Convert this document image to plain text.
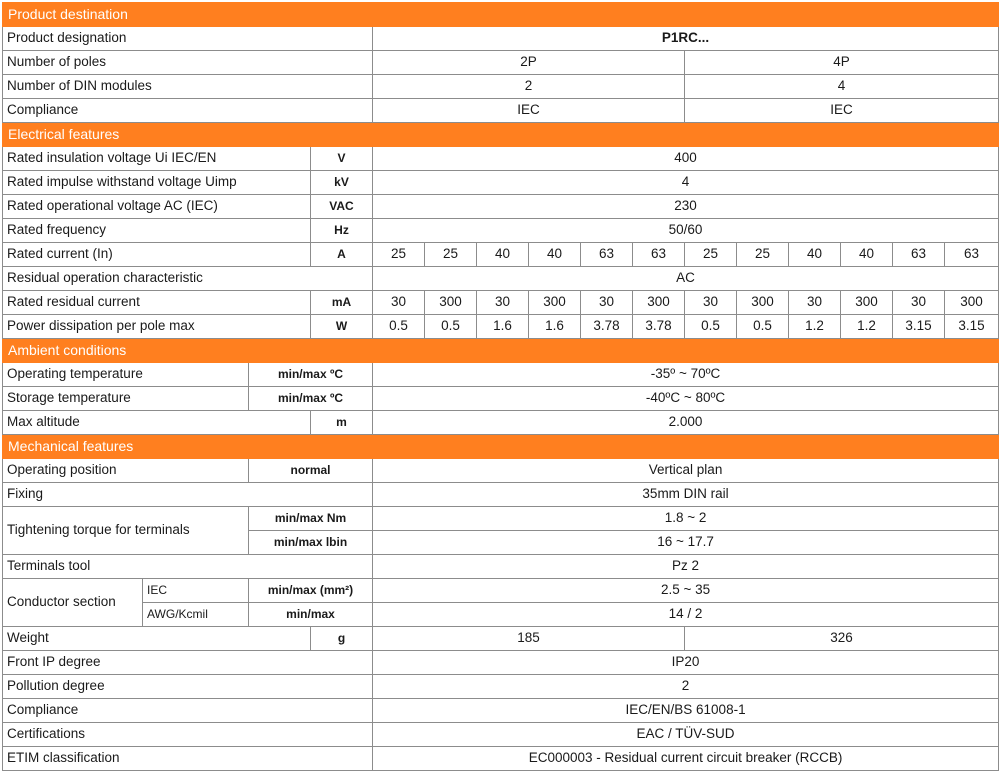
Product destination															
Product designation				P1RC...											
Number of poles				2P						4P					
Number of DIN modules				2						4					
Compliance				IEC						IEC					
Electrical features															
Rated insulation voltage Ui IEC/EN			V	400											
Rated impulse withstand voltage Uimp			kV	4											
Rated operational voltage AC (IEC)			VAC	230											
Rated frequency			Hz	50/60											
Rated current (In)			A	25	25	40	40	63	63	25	25	40	40	63	63
Residual operation characteristic				AC											
Rated residual current			mA	30	300	30	300	30	300	30	300	30	300	30	300
Power dissipation per pole max			W	0.5	0.5	1.6	1.6	3.78	3.78	0.5	0.5	1.2	1.2	3.15	3.15
Ambient conditions															
Operating temperature		min/max ºC		-35º ~ 70ºC											
Storage temperature		min/max ºC		-40ºC ~ 80ºC											
Max altitude			m	2.000											
Mechanical features															
Operating position		normal		Vertical plan											
Fixing				35mm DIN rail											
Tightening torque for terminals		min/max Nm		1.8 ~ 2											
		min/max lbin		16 ~ 17.7											
Terminals tool				Pz 2											
Conductor section	IEC	min/max (mm²)		2.5 ~ 35											
	AWG/Kcmil	min/max		14 / 2											
Weight			g	185						326					
Front IP degree				IP20											
Pollution degree				2											
Compliance				IEC/EN/BS 61008-1											
Certifications				EAC / TÜV-SUD											
ETIM classification				EC000003 - Residual current circuit breaker (RCCB)											
